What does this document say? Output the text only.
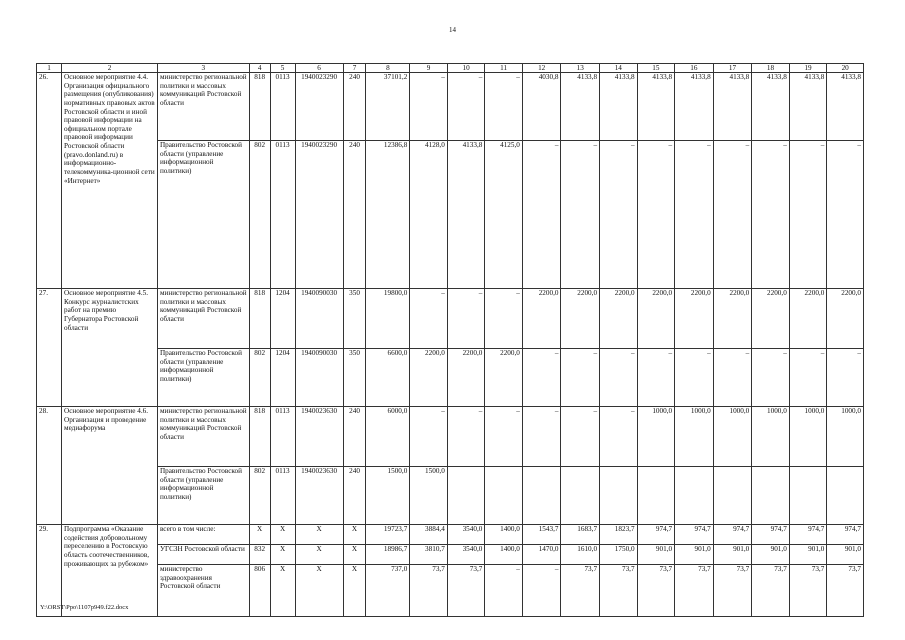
14
1	2	3	4	5	6	7	8	9	10	11	12	13	14	15	16	17	18	19	20
26.	Основное мероприятие 4.4. Организация официального размещения (опубликования) нормативных правовых актов Ростовской области и иной правовой информации на официальном портале правовой информации Ростовской области (pravo.donland.ru) в информационно-телекоммуника-ционной сети «Интернет»	министерство региональной политики и массовых коммуникаций Ростовской области	818	0113	1940023290	240	37101,2	–	–	–	4030,8	4133,8	4133,8	4133,8	4133,8	4133,8	4133,8	4133,8	4133,8
		Правительство Ростовской области (управление информационной политики)	802	0113	1940023290	240	12386,8	4128,0	4133,8	4125,0	–	–	–	–	–	–	–	–	–
27.	Основное мероприятие 4.5. Конкурс журналистских работ на премию Губернатора Ростовской области	министерство региональной политики и массовых коммуникаций Ростовской области	818	1204	1940090030	350	19800,0	–	–	–	2200,0	2200,0	2200,0	2200,0	2200,0	2200,0	2200,0	2200,0	2200,0
		Правительство Ростовской области (управление информационной политики)	802	1204	1940090030	350	6600,0	2200,0	2200,0	2200,0	–	–	–	–	–	–	–	–	–
28.	Основное мероприятие 4.6. Организация и проведение медиафорума	министерство региональной политики и массовых коммуникаций Ростовской области	818	0113	1940023630	240	6000,0	–	–	–	–	–	–	1000,0	1000,0	1000,0	1000,0	1000,0	1000,0
		Правительство Ростовской области (управление информационной политики)	802	0113	1940023630	240	1500,0	1500,0											
29.	Подпрограмма «Оказание содействия добровольному переселению в Ростовскую область соотечественников, проживающих за рубежом»	всего в том числе:	X	X	X	X	19723,7	3884,4	3540,0	1400,0	1543,7	1683,7	1823,7	974,7	974,7	974,7	974,7	974,7	974,7
		УГСЗН Ростовской области	832	X	X	X	18986,7	3810,7	3540,0	1400,0	1470,0	1610,0	1750,0	901,0	901,0	901,0	901,0	901,0	901,0
		министерство здравоохранения Ростовской области	806	X	X	X	737,0	73,7	73,7	–	–	73,7	73,7	73,7	73,7	73,7	73,7	73,7	73,7
Y:\ORST\Ppo\1107p949.f22.docx
